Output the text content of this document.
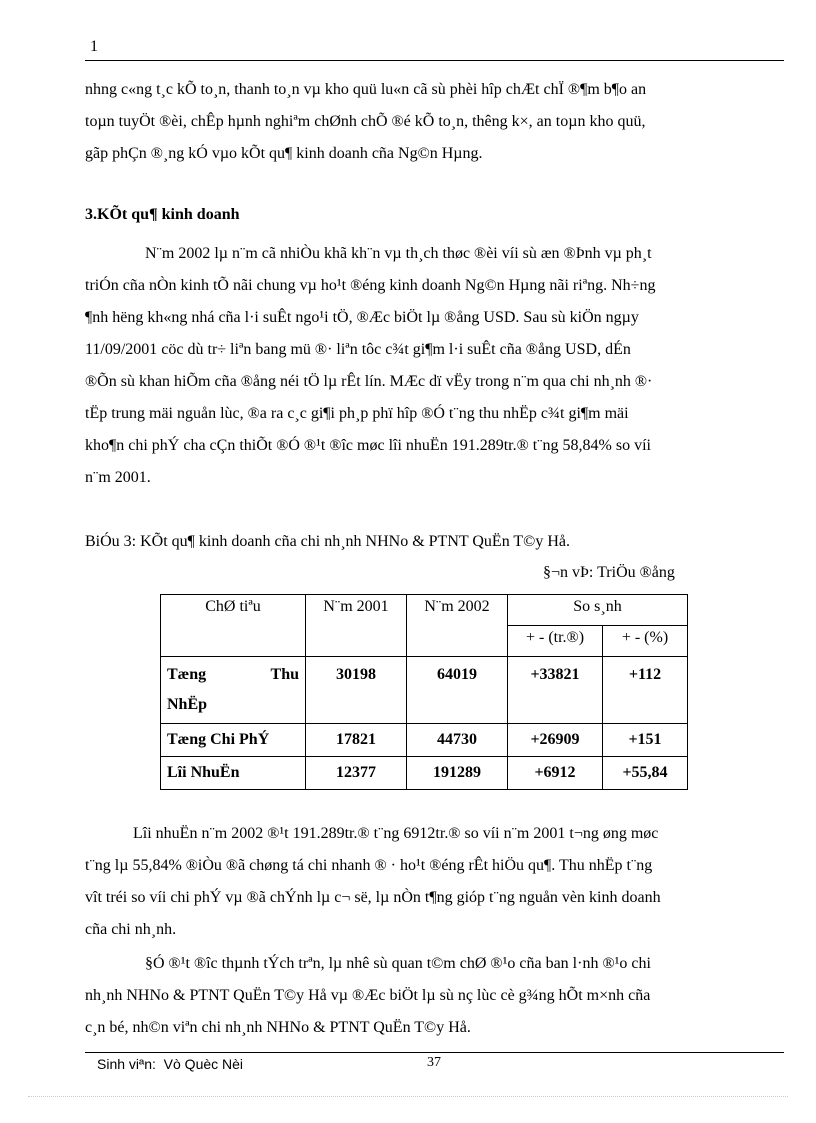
1
nhng c«ng t¸c kÕ to¸n, thanh to¸n vµ kho quü lu«n cã sù phèi hîp chÆt chÏ ®¶m b¶o an
toµn tuyÖt ®èi, chÊp hµnh nghiªm chØnh chÕ ®é kÕ to¸n, thêng k×, an toµn kho quü,
gãp phÇn ®¸ng kÓ vµo kÕt qu¶ kinh doanh cña Ng©n Hµng.
3.KÕt qu¶ kinh doanh
N¨m 2002 lµ n¨m cã nhiÒu khã kh¨n vµ th¸ch thøc ®èi víi sù æn ®Þnh vµ ph¸t
triÓn cña nÒn kinh tÕ nãi chung vµ ho¹t ®éng kinh doanh Ng©n Hµng nãi riªng. Nh÷ng
¶nh hëng kh«ng nhá cña l·i suÊt ngo¹i tÖ, ®Æc biÖt lµ ®ång USD. Sau sù kiÖn ngµy
11/09/2001 cöc dù tr÷ liªn bang mü ®· liªn tôc c¾t gi¶m l·i suÊt cña ®ång USD, dÉn
®Õn sù khan hiÕm cña ®ång néi tÖ lµ rÊt lín. MÆc dï vËy trong n¨m qua chi nh¸nh ®·
tËp trung mäi nguån lùc, ®a ra c¸c gi¶i ph¸p phï hîp ®Ó t¨ng thu nhËp c¾t gi¶m mäi
kho¶n chi phÝ cha cÇn thiÕt ®Ó ®¹t ®îc møc lîi nhuËn 191.289tr.® t¨ng 58,84% so víi
n¨m 2001.
BiÓu 3: KÕt qu¶ kinh doanh cña chi nh¸nh NHNo & PTNT QuËn T©y Hå.
§¬n vÞ: TriÖu ®ång
ChØ tiªu	N¨m 2001	N¨m 2002	So s¸nh	
			+ - (tr.®)	+ - (%)

Tæng Thu
NhËp	30198	64019	+33821	+112
Tæng Chi PhÝ	17821	44730	+26909	+151
Lîi NhuËn	12377	191289	+6912	+55,84
Lîi nhuËn n¨m 2002 ®¹t 191.289tr.® t¨ng 6912tr.® so víi n¨m 2001 t¬ng øng møc
t¨ng lµ 55,84% ®iÒu ®ã chøng tá chi nhanh ® · ho¹t ®éng rÊt hiÖu qu¶. Thu nhËp t¨ng
vît tréi so víi chi phÝ vµ ®ã chÝnh lµ c¬ së, lµ nÒn t¶ng gióp t¨ng nguån vèn kinh doanh
cña chi nh¸nh.
§Ó ®¹t ®îc thµnh tÝch trªn, lµ nhê sù quan t©m chØ ®¹o cña ban l·nh ®¹o chi
nh¸nh NHNo & PTNT QuËn T©y Hå vµ ®Æc biÖt lµ sù nç lùc cè g¾ng hÕt m×nh cña
c¸n bé, nh©n viªn chi nh¸nh NHNo & PTNT QuËn T©y Hå.
Sinh viªn: Vò Quèc Nèi	37
